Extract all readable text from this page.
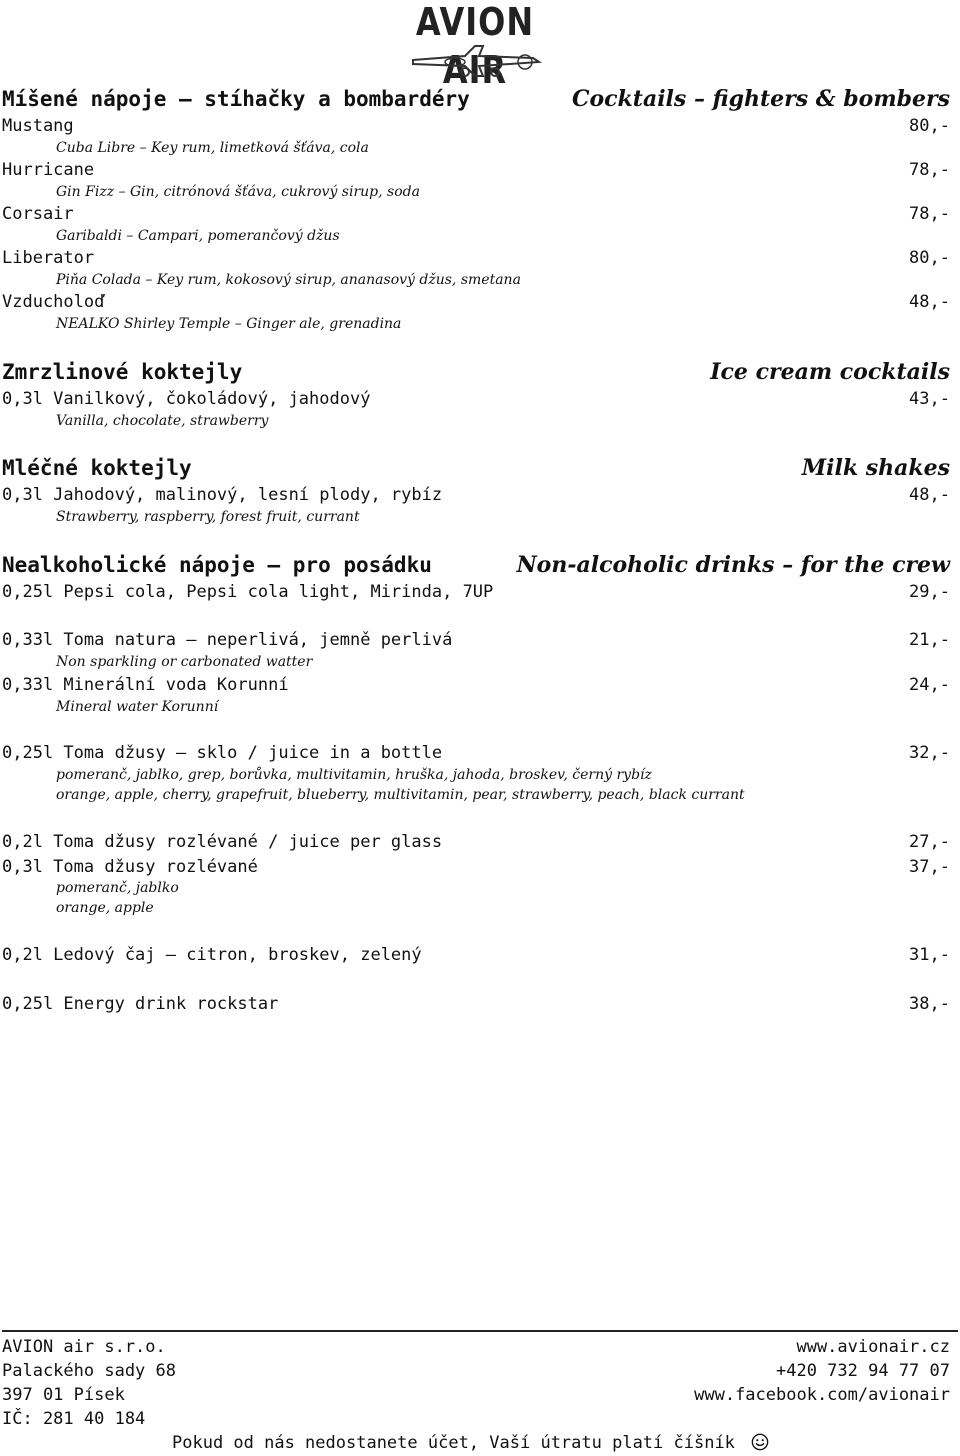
AVION AIR
Míšené nápoje – stíhačky a bombardéry	Cocktails – fighters & bombers
Mustang	80,-
Cuba Libre – Key rum, limetková šťáva, cola
Hurricane	78,-
Gin Fizz – Gin, citrónová šťáva, cukrový sirup, soda
Corsair	78,-
Garibaldi – Campari, pomerančový džus
Liberator	80,-
Piňa Colada – Key rum, kokosový sirup, ananasový džus, smetana
Vzducholoď	48,-
NEALKO Shirley Temple – Ginger ale, grenadina
Zmrzlinové koktejly	Ice cream cocktails
0,3l Vanilkový, čokoládový, jahodový	43,-
Vanilla, chocolate, strawberry
Mléčné koktejly	Milk shakes
0,3l Jahodový, malinový, lesní plody, rybíz	48,-
Strawberry, raspberry, forest fruit, currant
Nealkoholické nápoje – pro posádku	Non-alcoholic drinks – for the crew
0,25l Pepsi cola, Pepsi cola light, Mirinda, 7UP	29,-
0,33l Toma natura – neperlivá, jemně perlivá	21,-
Non sparkling or carbonated watter
0,33l Minerální voda Korunní	24,-
Mineral water Korunní
0,25l Toma džusy – sklo / juice in a bottle	32,-
pomeranč, jablko, grep, borůvka, multivitamin, hruška, jahoda, broskev, černý rybíz
orange, apple, cherry, grapefruit, blueberry, multivitamin, pear, strawberry, peach, black currant
0,2l Toma džusy rozlévané / juice per glass	27,-
0,3l Toma džusy rozlévané	37,-
pomeranč, jablko
orange, apple
0,2l Ledový čaj – citron, broskev, zelený	31,-
0,25l Energy drink rockstar	38,-
AVION air s.r.o.
Palackého sady 68
397 01 Písek
IČ: 281 40 184
www.avionair.cz
+420 732 94 77 07
www.facebook.com/avionair
Pokud od nás nedostanete účet, Vaší útratu platí číšník
